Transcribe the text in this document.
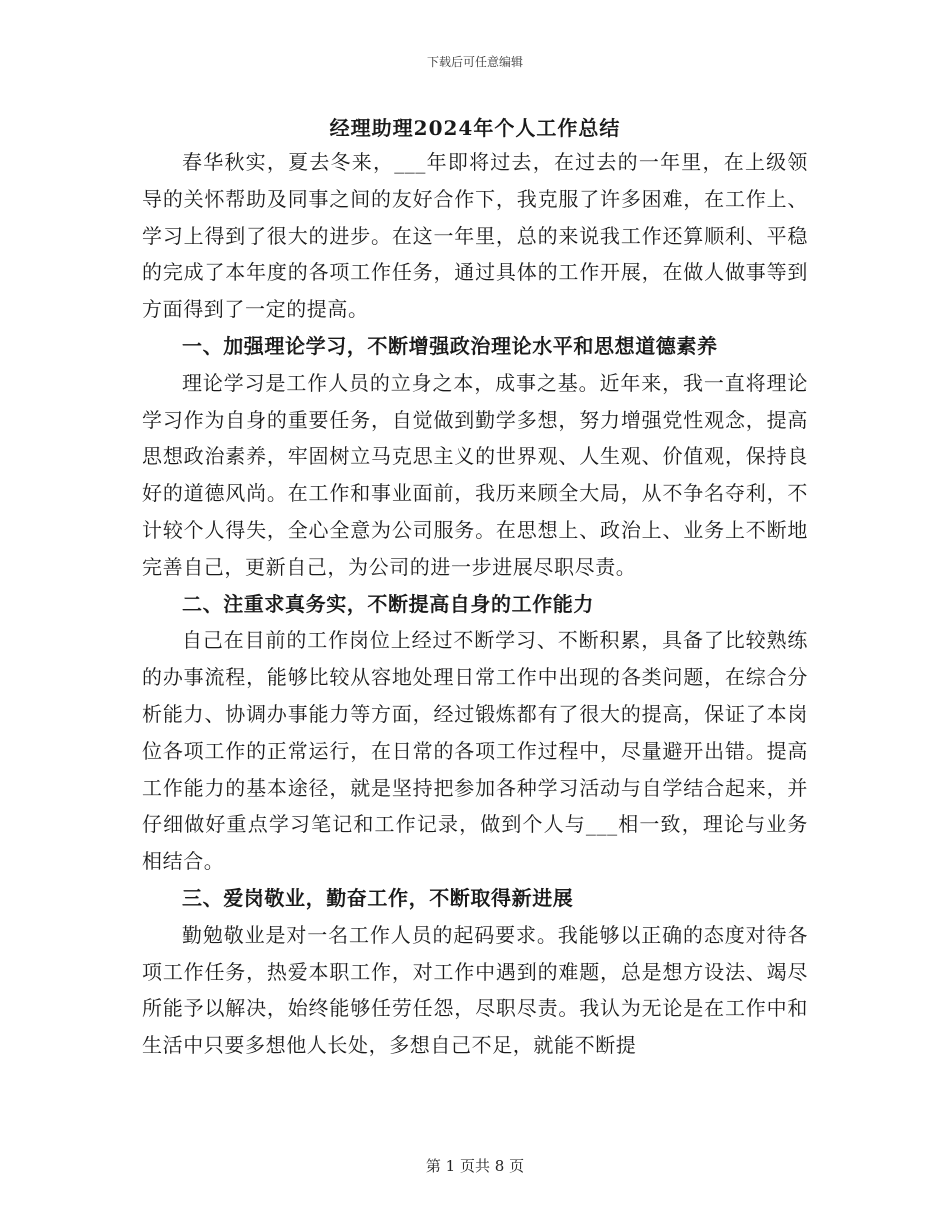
下载后可任意编辑
经理助理2024年个人工作总结

春华秋实，夏去冬来，___年即将过去，在过去的一年里，在上级领导的关怀帮助及同事之间的友好合作下，我克服了许多困难，在工作上、学习上得到了很大的进步。在这一年里，总的来说我工作还算顺利、平稳的完成了本年度的各项工作任务，通过具体的工作开展，在做人做事等到方面得到了一定的提高。

一、加强理论学习，不断增强政治理论水平和思想道德素养

理论学习是工作人员的立身之本，成事之基。近年来，我一直将理论学习作为自身的重要任务，自觉做到勤学多想，努力增强党性观念，提高思想政治素养，牢固树立马克思主义的世界观、人生观、价值观，保持良好的道德风尚。在工作和事业面前，我历来顾全大局，从不争名夺利，不计较个人得失，全心全意为公司服务。在思想上、政治上、业务上不断地完善自己，更新自己，为公司的进一步进展尽职尽责。

二、注重求真务实，不断提高自身的工作能力

自己在目前的工作岗位上经过不断学习、不断积累，具备了比较熟练的办事流程，能够比较从容地处理日常工作中出现的各类问题，在综合分析能力、协调办事能力等方面，经过锻炼都有了很大的提高，保证了本岗位各项工作的正常运行，在日常的各项工作过程中，尽量避开出错。提高工作能力的基本途径，就是坚持把参加各种学习活动与自学结合起来，并仔细做好重点学习笔记和工作记录，做到个人与___相一致，理论与业务相结合。

三、爱岗敬业，勤奋工作，不断取得新进展

勤勉敬业是对一名工作人员的起码要求。我能够以正确的态度对待各项工作任务，热爱本职工作，对工作中遇到的难题，总是想方设法、竭尽所能予以解决，始终能够任劳任怨，尽职尽责。我认为无论是在工作中和生活中只要多想他人长处，多想自己不足，就能不断提

第 1 页共 8 页
